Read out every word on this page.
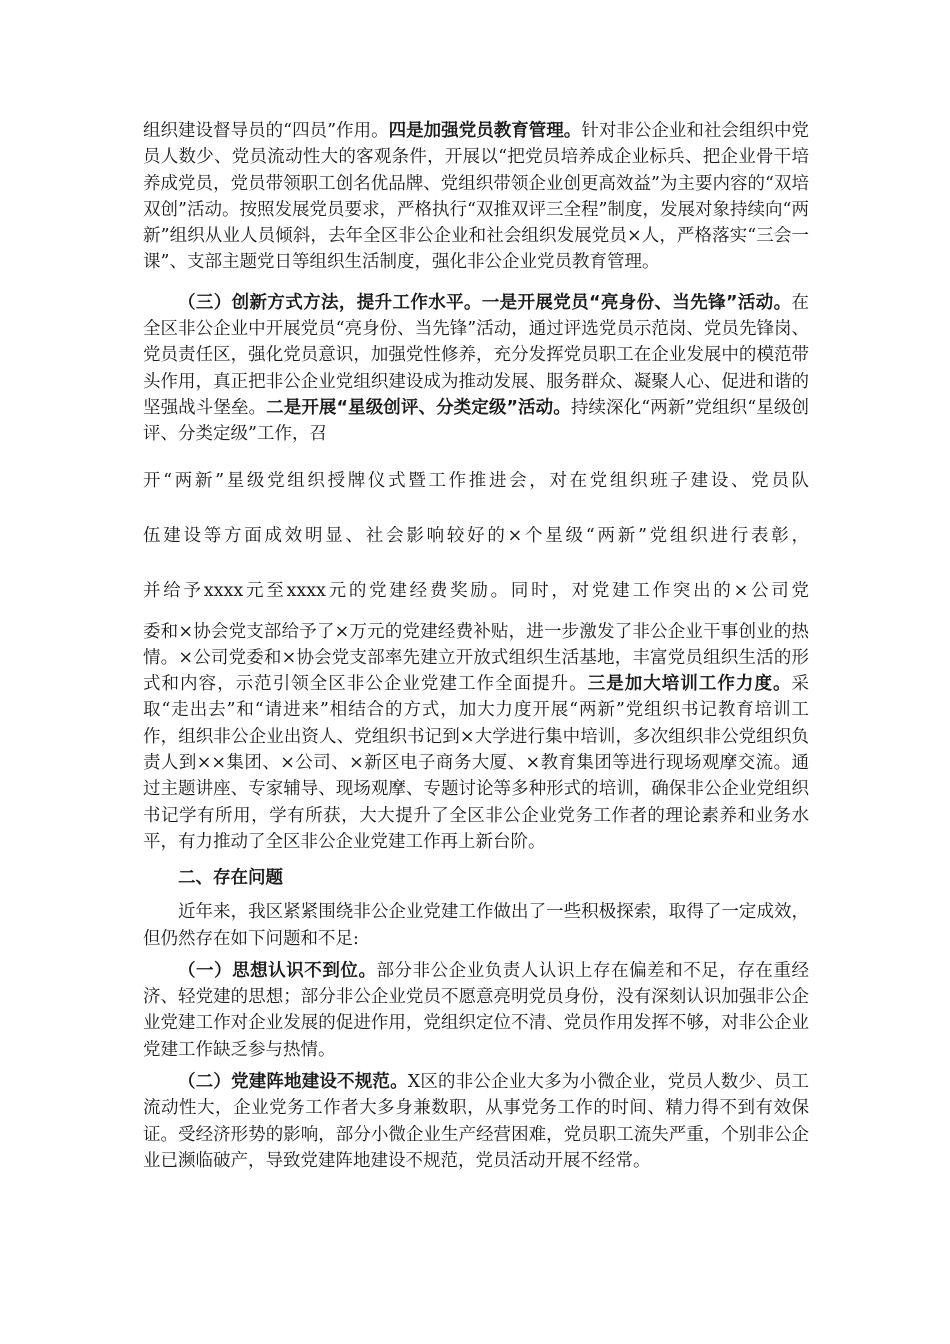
组织建设督导员的“四员”作用。四是加强党员教育管理。针对非公企业和社会组织中党员人数少、党员流动性大的客观条件，开展以“把党员培养成企业标兵、把企业骨干培养成党员，党员带领职工创名优品牌、党组织带领企业创更高效益”为主要内容的“双培双创”活动。按照发展党员要求，严格执行“双推双评三全程”制度，发展对象持续向“两新”组织从业人员倾斜，去年全区非公企业和社会组织发展党员×人，严格落实“三会一课”、支部主题党日等组织生活制度，强化非公企业党员教育管理。

（三）创新方式方法，提升工作水平。一是开展党员“亮身份、当先锋”活动。在全区非公企业中开展党员“亮身份、当先锋”活动，通过评选党员示范岗、党员先锋岗、党员责任区，强化党员意识，加强党性修养，充分发挥党员职工在企业发展中的模范带头作用，真正把非公企业党组织建设成为推动发展、服务群众、凝聚人心、促进和谐的坚强战斗堡垒。二是开展“星级创评、分类定级”活动。持续深化“两新”党组织“星级创评、分类定级”工作，召

开“两新”星级党组织授牌仪式暨工作推进会，对在党组织班子建设、党员队

伍建设等方面成效明显、社会影响较好的×个星级“两新”党组织进行表彰，

并给予xxxx元至xxxx元的党建经费奖励。同时，对党建工作突出的×公司党

委和×协会党支部给予了×万元的党建经费补贴，进一步激发了非公企业干事创业的热情。×公司党委和×协会党支部率先建立开放式组织生活基地，丰富党员组织生活的形式和内容，示范引领全区非公企业党建工作全面提升。三是加大培训工作力度。采取“走出去”和“请进来”相结合的方式，加大力度开展“两新”党组织书记教育培训工作，组织非公企业出资人、党组织书记到×大学进行集中培训，多次组织非公党组织负责人到××集团、×公司、×新区电子商务大厦、×教育集团等进行现场观摩交流。通过主题讲座、专家辅导、现场观摩、专题讨论等多种形式的培训，确保非公企业党组织书记学有所用，学有所获，大大提升了全区非公企业党务工作者的理论素养和业务水平，有力推动了全区非公企业党建工作再上新台阶。

二、存在问题

近年来，我区紧紧围绕非公企业党建工作做出了一些积极探索，取得了一定成效，但仍然存在如下问题和不足:

（一）思想认识不到位。部分非公企业负责人认识上存在偏差和不足，存在重经济、轻党建的思想；部分非公企业党员不愿意亮明党员身份，没有深刻认识加强非公企业党建工作对企业发展的促进作用，党组织定位不清、党员作用发挥不够，对非公企业党建工作缺乏参与热情。

（二）党建阵地建设不规范。X区的非公企业大多为小微企业，党员人数少、员工流动性大，企业党务工作者大多身兼数职，从事党务工作的时间、精力得不到有效保证。受经济形势的影响，部分小微企业生产经营困难，党员职工流失严重，个别非公企业已濒临破产，导致党建阵地建设不规范，党员活动开展不经常。
